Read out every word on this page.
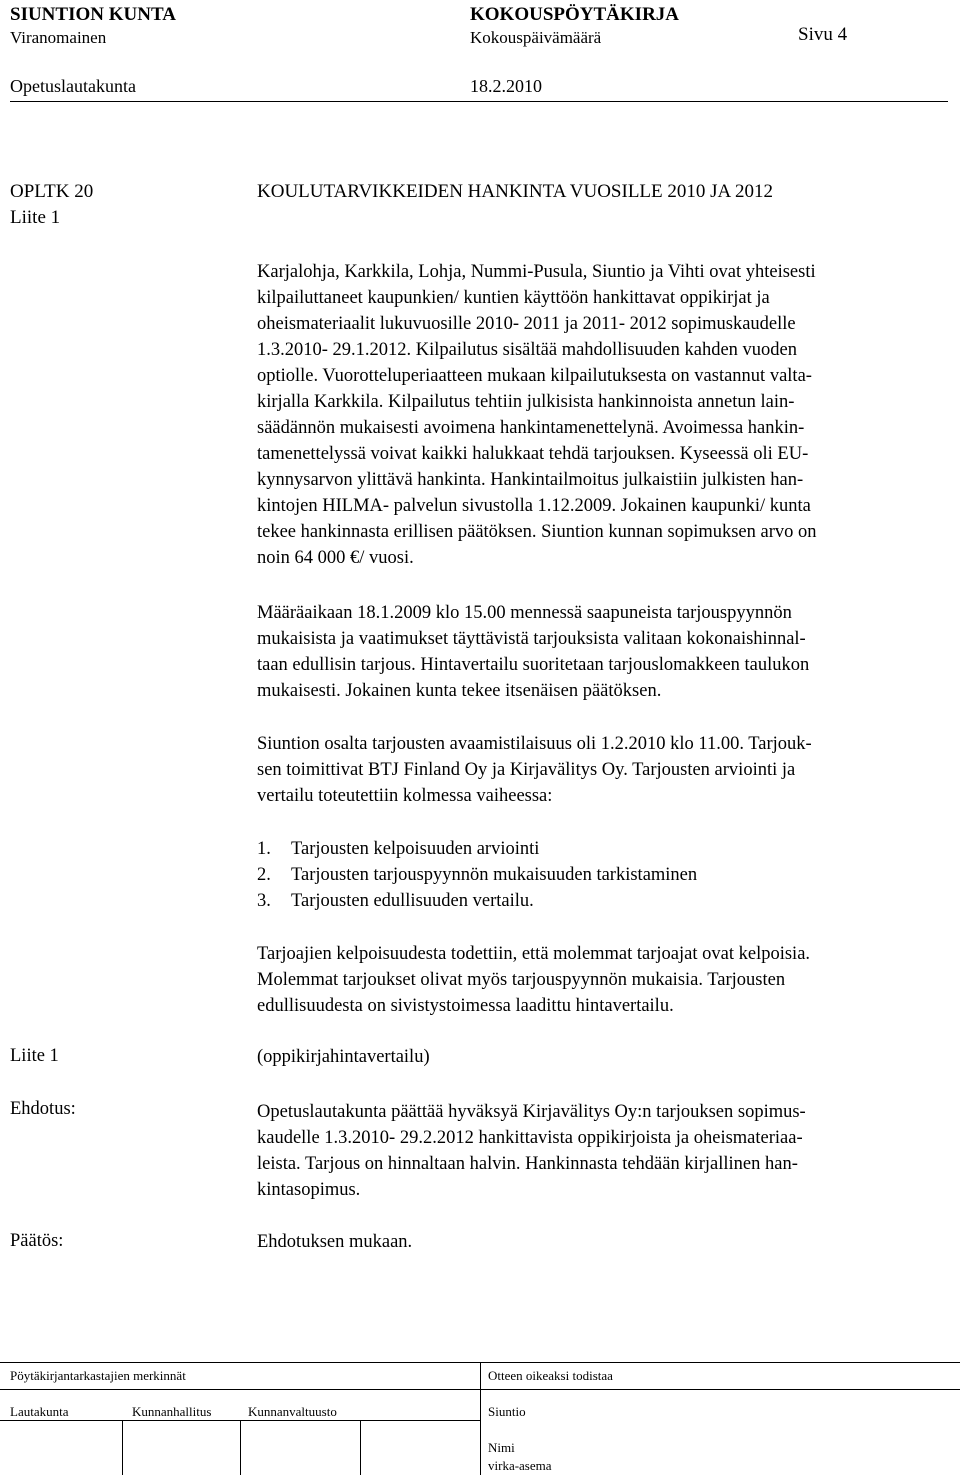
SIUNTION KUNTA	KOKOUSPÖYTÄKIRJA
Viranomainen	Kokouspäivämäärä	Sivu 4
Opetuslautakunta	18.2.2010
OPLTK 20
Liite 1
KOULUTARVIKKEIDEN HANKINTA VUOSILLE 2010 JA 2012
Karjalohja, Karkkila, Lohja, Nummi-Pusula, Siuntio ja Vihti ovat yhteisesti
kilpailuttaneet kaupunkien/ kuntien käyttöön hankittavat oppikirjat ja
oheismateriaalit lukuvuosille 2010- 2011 ja 2011- 2012 sopimuskaudelle
1.3.2010- 29.1.2012. Kilpailutus sisältää mahdollisuuden kahden vuoden
optiolle. Vuorotteluperiaatteen mukaan kilpailutuksesta on vastannut valta-
kirjalla Karkkila. Kilpailutus tehtiin julkisista hankinnoista annetun lain-
säädännön mukaisesti avoimena hankintamenettelynä. Avoimessa hankin-
tamenettelyssä voivat kaikki halukkaat tehdä tarjouksen. Kyseessä oli EU-
kynnysarvon ylittävä hankinta. Hankintailmoitus julkaistiin julkisten han-
kintojen HILMA- palvelun sivustolla 1.12.2009. Jokainen kaupunki/ kunta
tekee hankinnasta erillisen päätöksen. Siuntion kunnan sopimuksen arvo on
noin 64 000 €/ vuosi.
Määräaikaan 18.1.2009 klo 15.00 mennessä saapuneista tarjouspyynnön
mukaisista ja vaatimukset täyttävistä tarjouksista valitaan kokonaishinnal-
taan edullisin tarjous. Hintavertailu suoritetaan tarjouslomakkeen taulukon
mukaisesti. Jokainen kunta tekee itsenäisen päätöksen.
Siuntion osalta tarjousten avaamistilaisuus oli 1.2.2010 klo 11.00. Tarjouk-
sen toimittivat BTJ Finland Oy ja Kirjavälitys Oy. Tarjousten arviointi ja
vertailu toteutettiin kolmessa vaiheessa:
1. Tarjousten kelpoisuuden arviointi
2. Tarjousten tarjouspyynnön mukaisuuden tarkistaminen
3. Tarjousten edullisuuden vertailu.
Tarjoajien kelpoisuudesta todettiin, että molemmat tarjoajat ovat kelpoisia.
Molemmat tarjoukset olivat myös tarjouspyynnön mukaisia. Tarjousten
edullisuudesta on sivistystoimessa laadittu hintavertailu.
Liite 1	(oppikirjahintavertailu)
Ehdotus:	Opetuslautakunta päättää hyväksyä Kirjavälitys Oy:n tarjouksen sopimus-
kaudelle 1.3.2010- 29.2.2012 hankittavista oppikirjoista ja oheismateriaa-
leista. Tarjous on hinnaltaan halvin. Hankinnasta tehdään kirjallinen han-
kintasopimus.
Päätös:	Ehdotuksen mukaan.
Pöytäkirjantarkastajien merkinnät	Otteen oikeaksi todistaa
Lautakunta	Kunnanhallitus	Kunnanvaltuusto	Siuntio
Nimi
virka-asema
